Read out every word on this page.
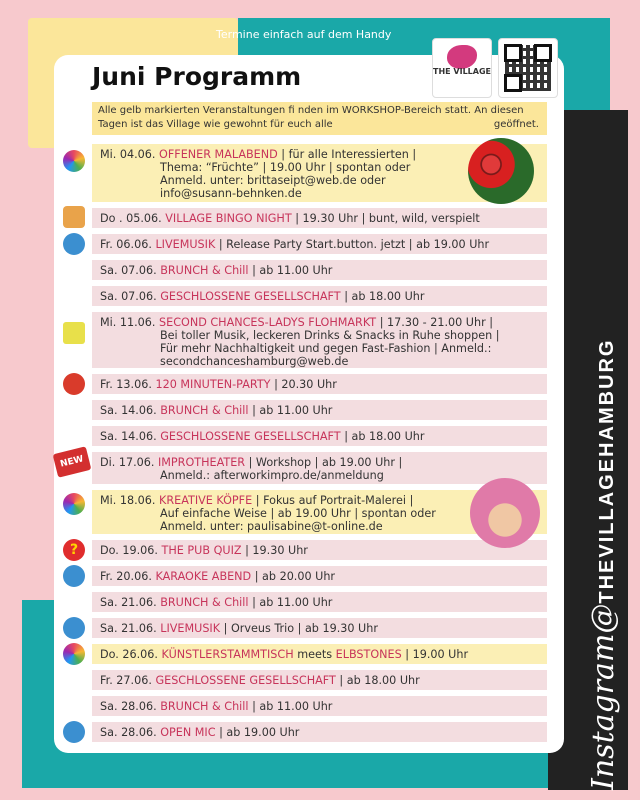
Termine einfach auf dem Handy
THE VILLAGE
Juni Programm
Alle gelb markierten Veranstaltungen fi nden im WORKSHOP-Bereich statt. An diesen Tagen ist das Village wie gewohnt für euch alle	geöffnet.
Mi. 04.06. OFFENER MALABEND | für alle Interessierten |
Thema: “Früchte” | 19.00 Uhr | spontan oder
Anmeld. unter: brittaseipt@web.de oder
info@susann-behnken.de
Do . 05.06. VILLAGE BINGO NIGHT | 19.30 Uhr | bunt, wild, verspielt
Fr. 06.06. LIVEMUSIK | Release Party Start.button. jetzt | ab 19.00 Uhr
Sa. 07.06. BRUNCH & Chill | ab 11.00 Uhr
Sa. 07.06. GESCHLOSSENE GESELLSCHAFT | ab 18.00 Uhr
Mi. 11.06. SECOND CHANCES-LADYS FLOHMARKT | 17.30 - 21.00 Uhr |
Bei toller Musik, leckeren Drinks & Snacks in Ruhe shoppen |
Für mehr Nachhaltigkeit und gegen Fast-Fashion | Anmeld.:
secondchanceshamburg@web.de
Fr. 13.06. 120 MINUTEN-PARTY | 20.30 Uhr
Sa. 14.06. BRUNCH & Chill | ab 11.00 Uhr
Sa. 14.06. GESCHLOSSENE GESELLSCHAFT | ab 18.00 Uhr
Di. 17.06. IMPROTHEATER | Workshop | ab 19.00 Uhr |
Anmeld.: afterworkimpro.de/anmeldung
Mi. 18.06. KREATIVE KÖPFE | Fokus auf Portrait-Malerei |
Auf einfache Weise | ab 19.00 Uhr | spontan oder
Anmeld. unter: paulisabine@t-online.de
Do. 19.06. THE PUB QUIZ | 19.30 Uhr
Fr. 20.06. KARAOKE ABEND | ab 20.00 Uhr
Sa. 21.06. BRUNCH & Chill | ab 11.00 Uhr
Sa. 21.06. LIVEMUSIK | Orveus Trio | ab 19.30 Uhr
Do. 26.06. KÜNSTLERSTAMMTISCH meets ELBSTONES | 19.00 Uhr
Fr. 27.06. GESCHLOSSENE GESELLSCHAFT | ab 18.00 Uhr
Sa. 28.06. BRUNCH & Chill | ab 11.00 Uhr
Sa. 28.06. OPEN MIC | ab 19.00 Uhr
NEW
?
Instagram@THEVILLAGEHAMBURG
